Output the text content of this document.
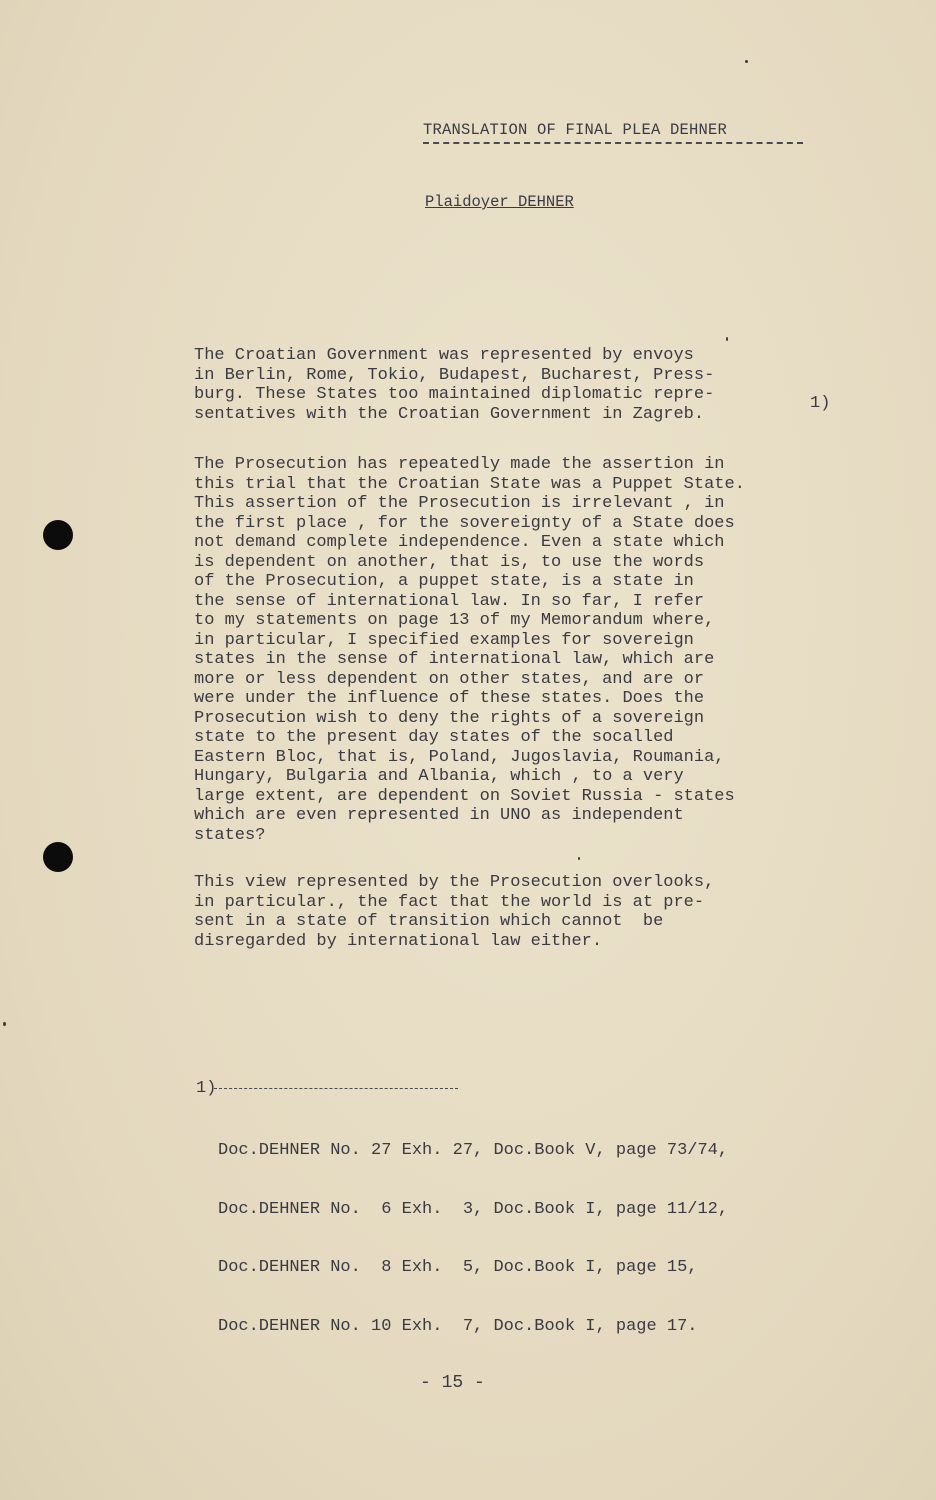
TRANSLATION OF FINAL PLEA DEHNER
Plaidoyer DEHNER
The Croatian Government was represented by envoys
in Berlin, Rome, Tokio, Budapest, Bucharest, Press-
burg. These States too maintained diplomatic repre-
sentatives with the Croatian Government in Zagreb.
1)
The Prosecution has repeatedly made the assertion in
this trial that the Croatian State was a Puppet State.
This assertion of the Prosecution is irrelevant , in
the first place , for the sovereignty of a State does
not demand complete independence. Even a state which
is dependent on another, that is, to use the words
of the Prosecution, a puppet state, is a state in
the sense of international law. In so far, I refer
to my statements on page 13 of my Memorandum where,
in particular, I specified examples for sovereign
states in the sense of international law, which are
more or less dependent on other states, and are or
were under the influence of these states. Does the
Prosecution wish to deny the rights of a sovereign
state to the present day states of the socalled
Eastern Bloc, that is, Poland, Jugoslavia, Roumania,
Hungary, Bulgaria and Albania, which , to a very
large extent, are dependent on Soviet Russia - states
which are even represented in UNO as independent
states?
This view represented by the Prosecution overlooks,
in particular., the fact that the world is at pre-
sent in a state of transition which cannot  be
disregarded by international law either.
1)

Doc.DEHNER No. 27 Exh. 27, Doc.Book V, page 73/74,

Doc.DEHNER No.  6 Exh.  3, Doc.Book I, page 11/12,

Doc.DEHNER No.  8 Exh.  5, Doc.Book I, page 15,

Doc.DEHNER No. 10 Exh.  7, Doc.Book I, page 17.

- 15 -
